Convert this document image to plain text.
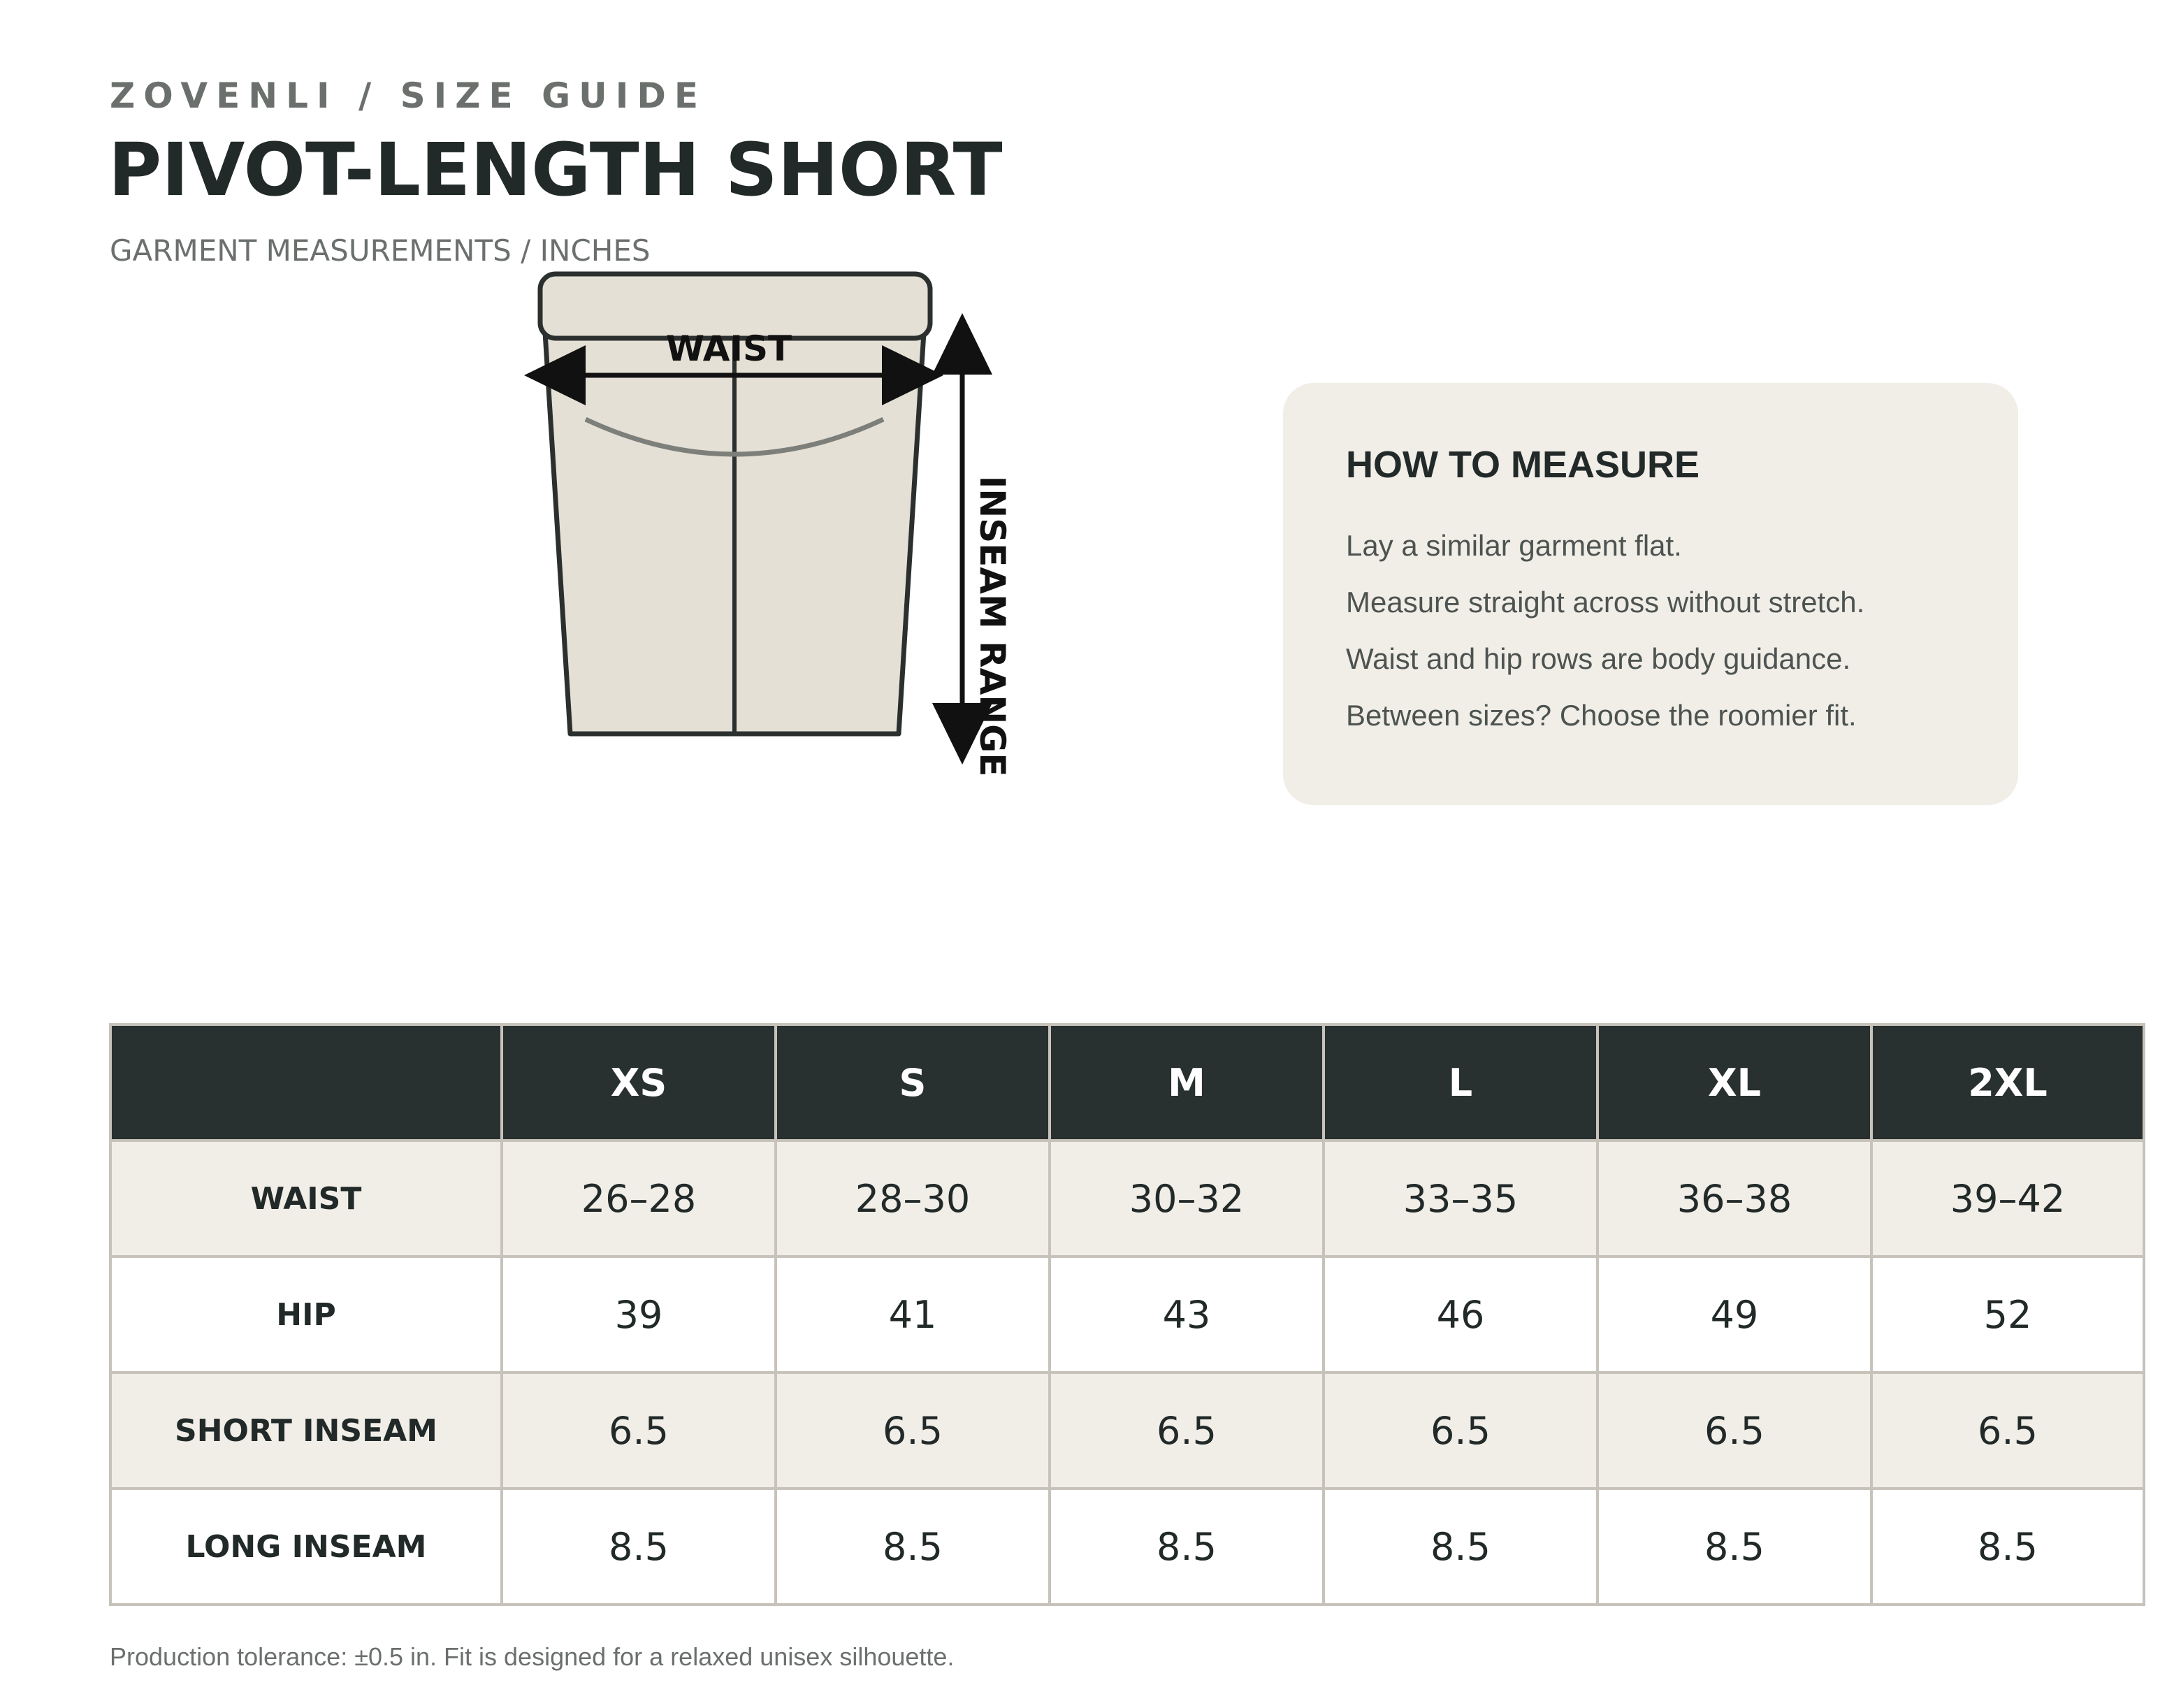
ZOVENLI / SIZE GUIDE
PIVOT-LENGTH SHORT
GARMENT MEASUREMENTS / INCHES
WAIST
INSEAM RANGE
HOW TO MEASURE
Lay a similar garment flat.
Measure straight across without stretch.
Waist and hip rows are body guidance.
Between sizes? Choose the roomier fit.
	XS	S	M	L	XL	2XL
WAIST	26–28	28–30	30–32	33–35	36–38	39–42
HIP	39	41	43	46	49	52
SHORT INSEAM	6.5	6.5	6.5	6.5	6.5	6.5
LONG INSEAM	8.5	8.5	8.5	8.5	8.5	8.5
Production tolerance: ±0.5 in. Fit is designed for a relaxed unisex silhouette.
